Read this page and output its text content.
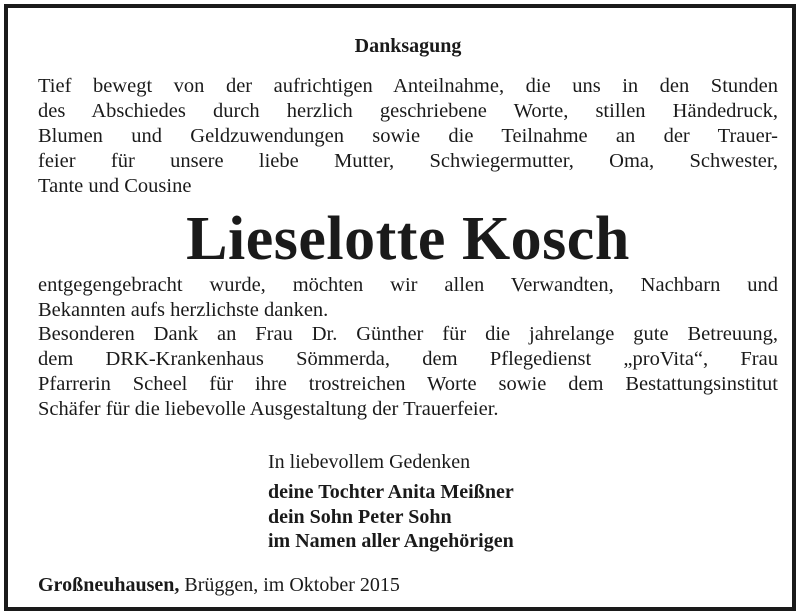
Danksagung
Tief bewegt von der aufrichtigen Anteilnahme, die uns in den Stunden
des Abschiedes durch herzlich geschriebene Worte, stillen Händedruck,
Blumen und Geldzuwendungen sowie die Teilnahme an der Trauer-
feier für unsere liebe Mutter, Schwiegermutter, Oma, Schwester,
Tante und Cousine
Lieselotte Kosch
entgegengebracht wurde, möchten wir allen Verwandten, Nachbarn und
Bekannten aufs herzlichste danken.
Besonderen Dank an Frau Dr. Günther für die jahrelange gute Betreuung,
dem DRK-Krankenhaus Sömmerda, dem Pflegedienst „proVita“, Frau
Pfarrerin Scheel für ihre trostreichen Worte sowie dem Bestattungsinstitut
Schäfer für die liebevolle Ausgestaltung der Trauerfeier.
In liebevollem Gedenken
deine Tochter Anita Meißner
dein Sohn Peter Sohn
im Namen aller Angehörigen
Großneuhausen, Brüggen, im Oktober 2015
